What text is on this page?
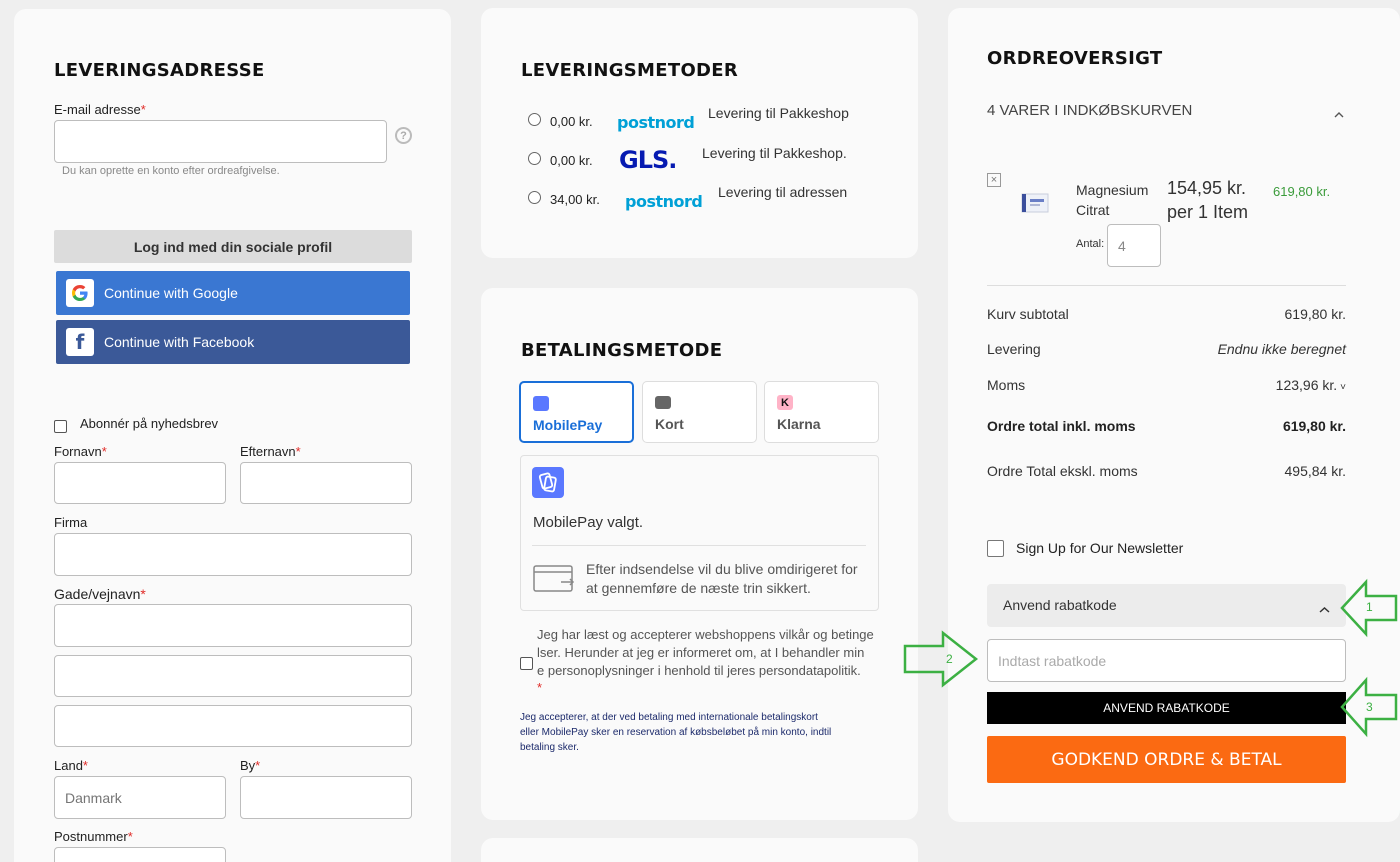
LEVERINGSADRESSE
E-mail adresse*
?
Du kan oprette en konto efter ordreafgivelse.
Log ind med din sociale profil
Continue with Google
f	Continue with Facebook
Abonnér på nyhedsbrev
Fornavn*	Efternavn*
Firma
Gade/vejnavn*
Land*
Danmark
By*
Postnummer*
LEVERINGSMETODER
0,00 kr. postnord Levering til Pakkeshop
0,00 kr. GLS. Levering til Pakkeshop.
34,00 kr. postnord Levering til adressen
BETALINGSMETODE
MobilePay	Kort
K
Klarna
MobilePay valgt.
Efter indsendelse vil du blive omdirigeret for
at gennemføre de næste trin sikkert.
Jeg har læst og accepterer webshoppens vilkår og betinge
lser. Herunder at jeg er informeret om, at I behandler min
e personoplysninger i henhold til jeres persondatapolitik.
*
Jeg accepterer, at der ved betaling med internationale betalingskort
eller MobilePay sker en reservation af købsbeløbet på min konto, indtil
betaling sker.
ORDREOVERSIGT
4 VARER I INDKØBSKURVEN
×
Magnesium
Citrat
154,95 kr.
per 1 Item
619,80 kr.
Antal: 4
Kurv subtotal	619,80 kr.
Levering	Endnu ikke beregnet
Moms	123,96 kr. ˅
Ordre total inkl. moms	619,80 kr.
Ordre Total ekskl. moms	495,84 kr.
Sign Up for Our Newsletter
Anvend rabatkode
Indtast rabatkode
ANVEND RABATKODE
GODKEND ORDRE & BETAL
1
2
3
